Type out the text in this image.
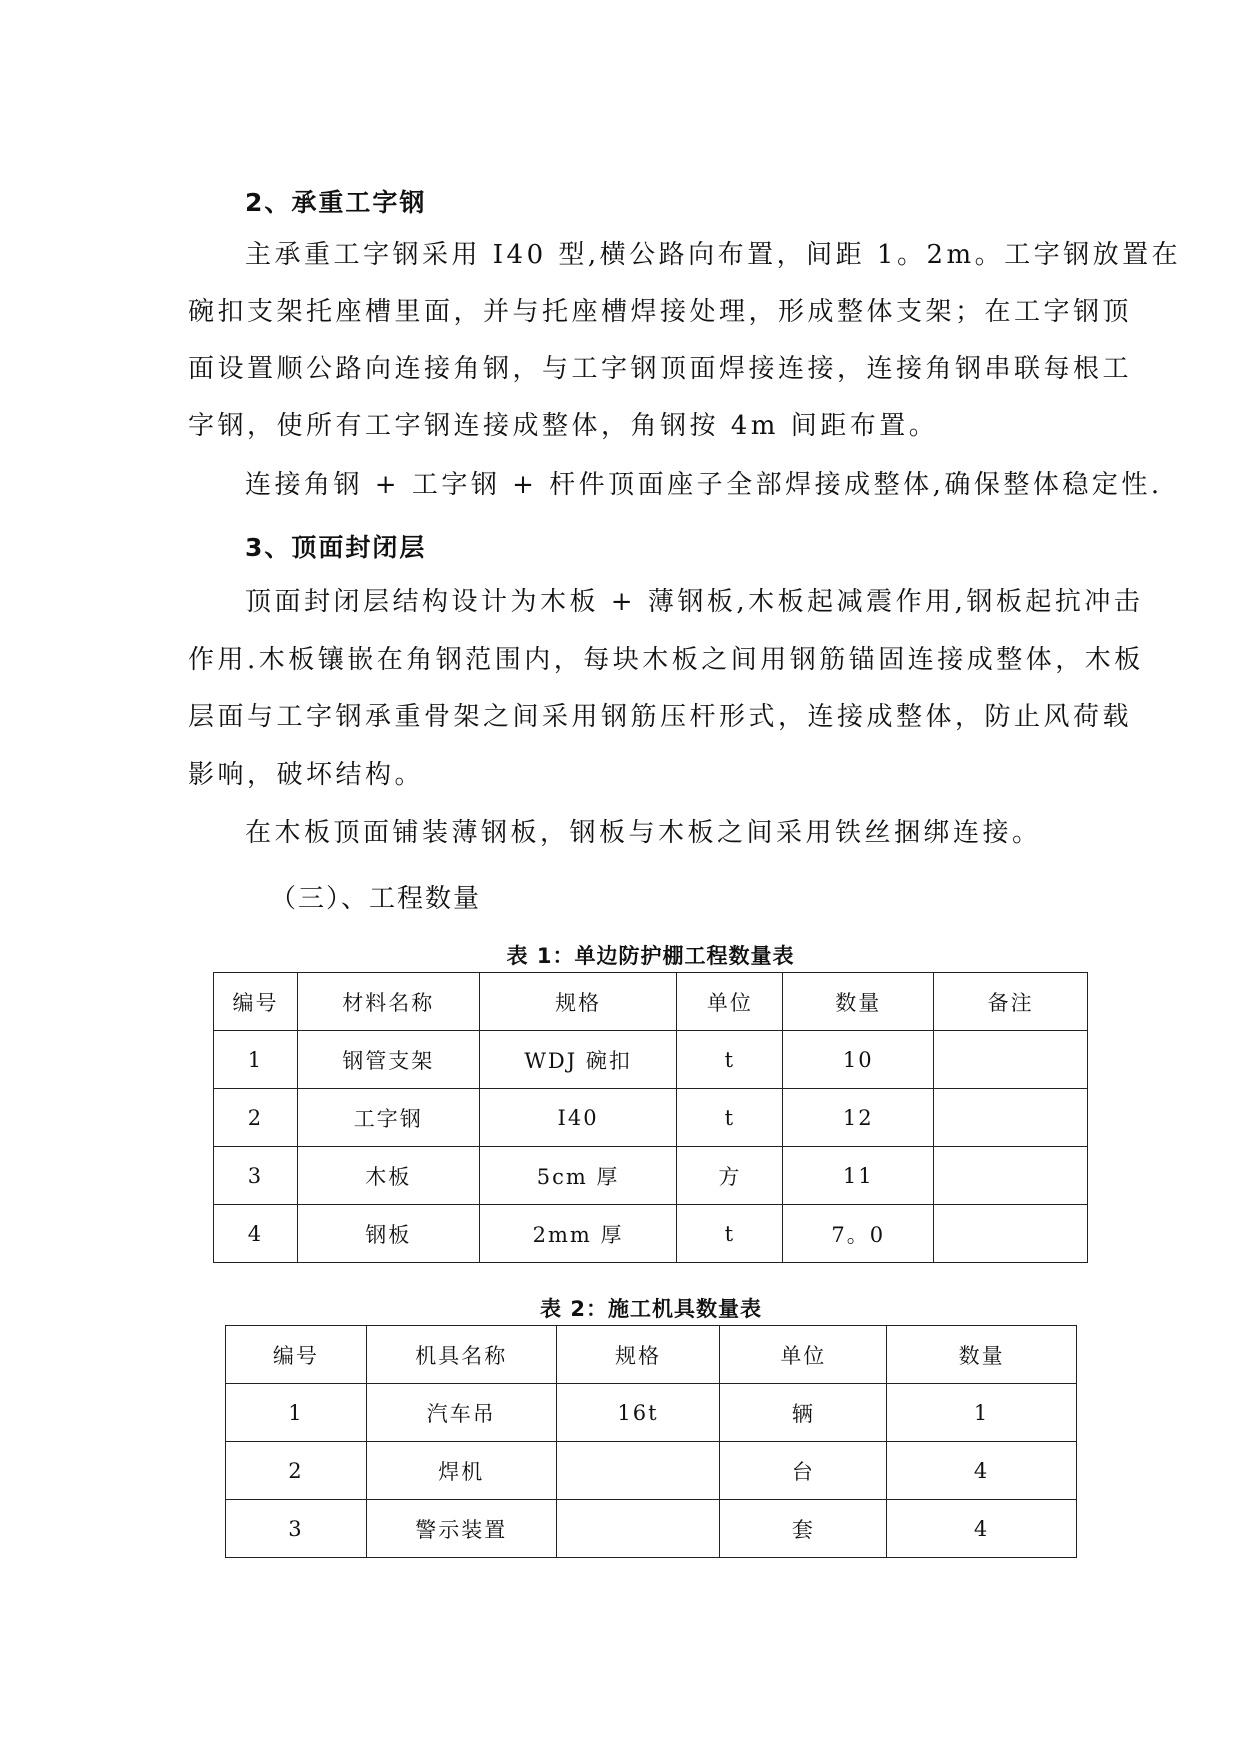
2、承重工字钢
主承重工字钢采用 I40 型,横公路向布置，间距 1。2m。工字钢放置在
碗扣支架托座槽里面，并与托座槽焊接处理，形成整体支架；在工字钢顶
面设置顺公路向连接角钢，与工字钢顶面焊接连接，连接角钢串联每根工
字钢，使所有工字钢连接成整体，角钢按 4m 间距布置。
连接角钢 + 工字钢 + 杆件顶面座子全部焊接成整体,确保整体稳定性.
3、顶面封闭层
顶面封闭层结构设计为木板 + 薄钢板,木板起减震作用,钢板起抗冲击
作用.木板镶嵌在角钢范围内，每块木板之间用钢筋锚固连接成整体，木板
层面与工字钢承重骨架之间采用钢筋压杆形式，连接成整体，防止风荷载
影响，破坏结构。
在木板顶面铺装薄钢板，钢板与木板之间采用铁丝捆绑连接。
（三）、工程数量
表 1：单边防护棚工程数量表
编号	材料名称	规格	单位	数量	备注
1	钢管支架	WDJ 碗扣	t	10	
2	工字钢	I40	t	12	
3	木板	5cm 厚	方	11	
4	钢板	2mm 厚	t	7。0	
表 2：施工机具数量表
编号	机具名称	规格	单位	数量
1	汽车吊	16t	辆	1
2	焊机		台	4
3	警示装置		套	4
